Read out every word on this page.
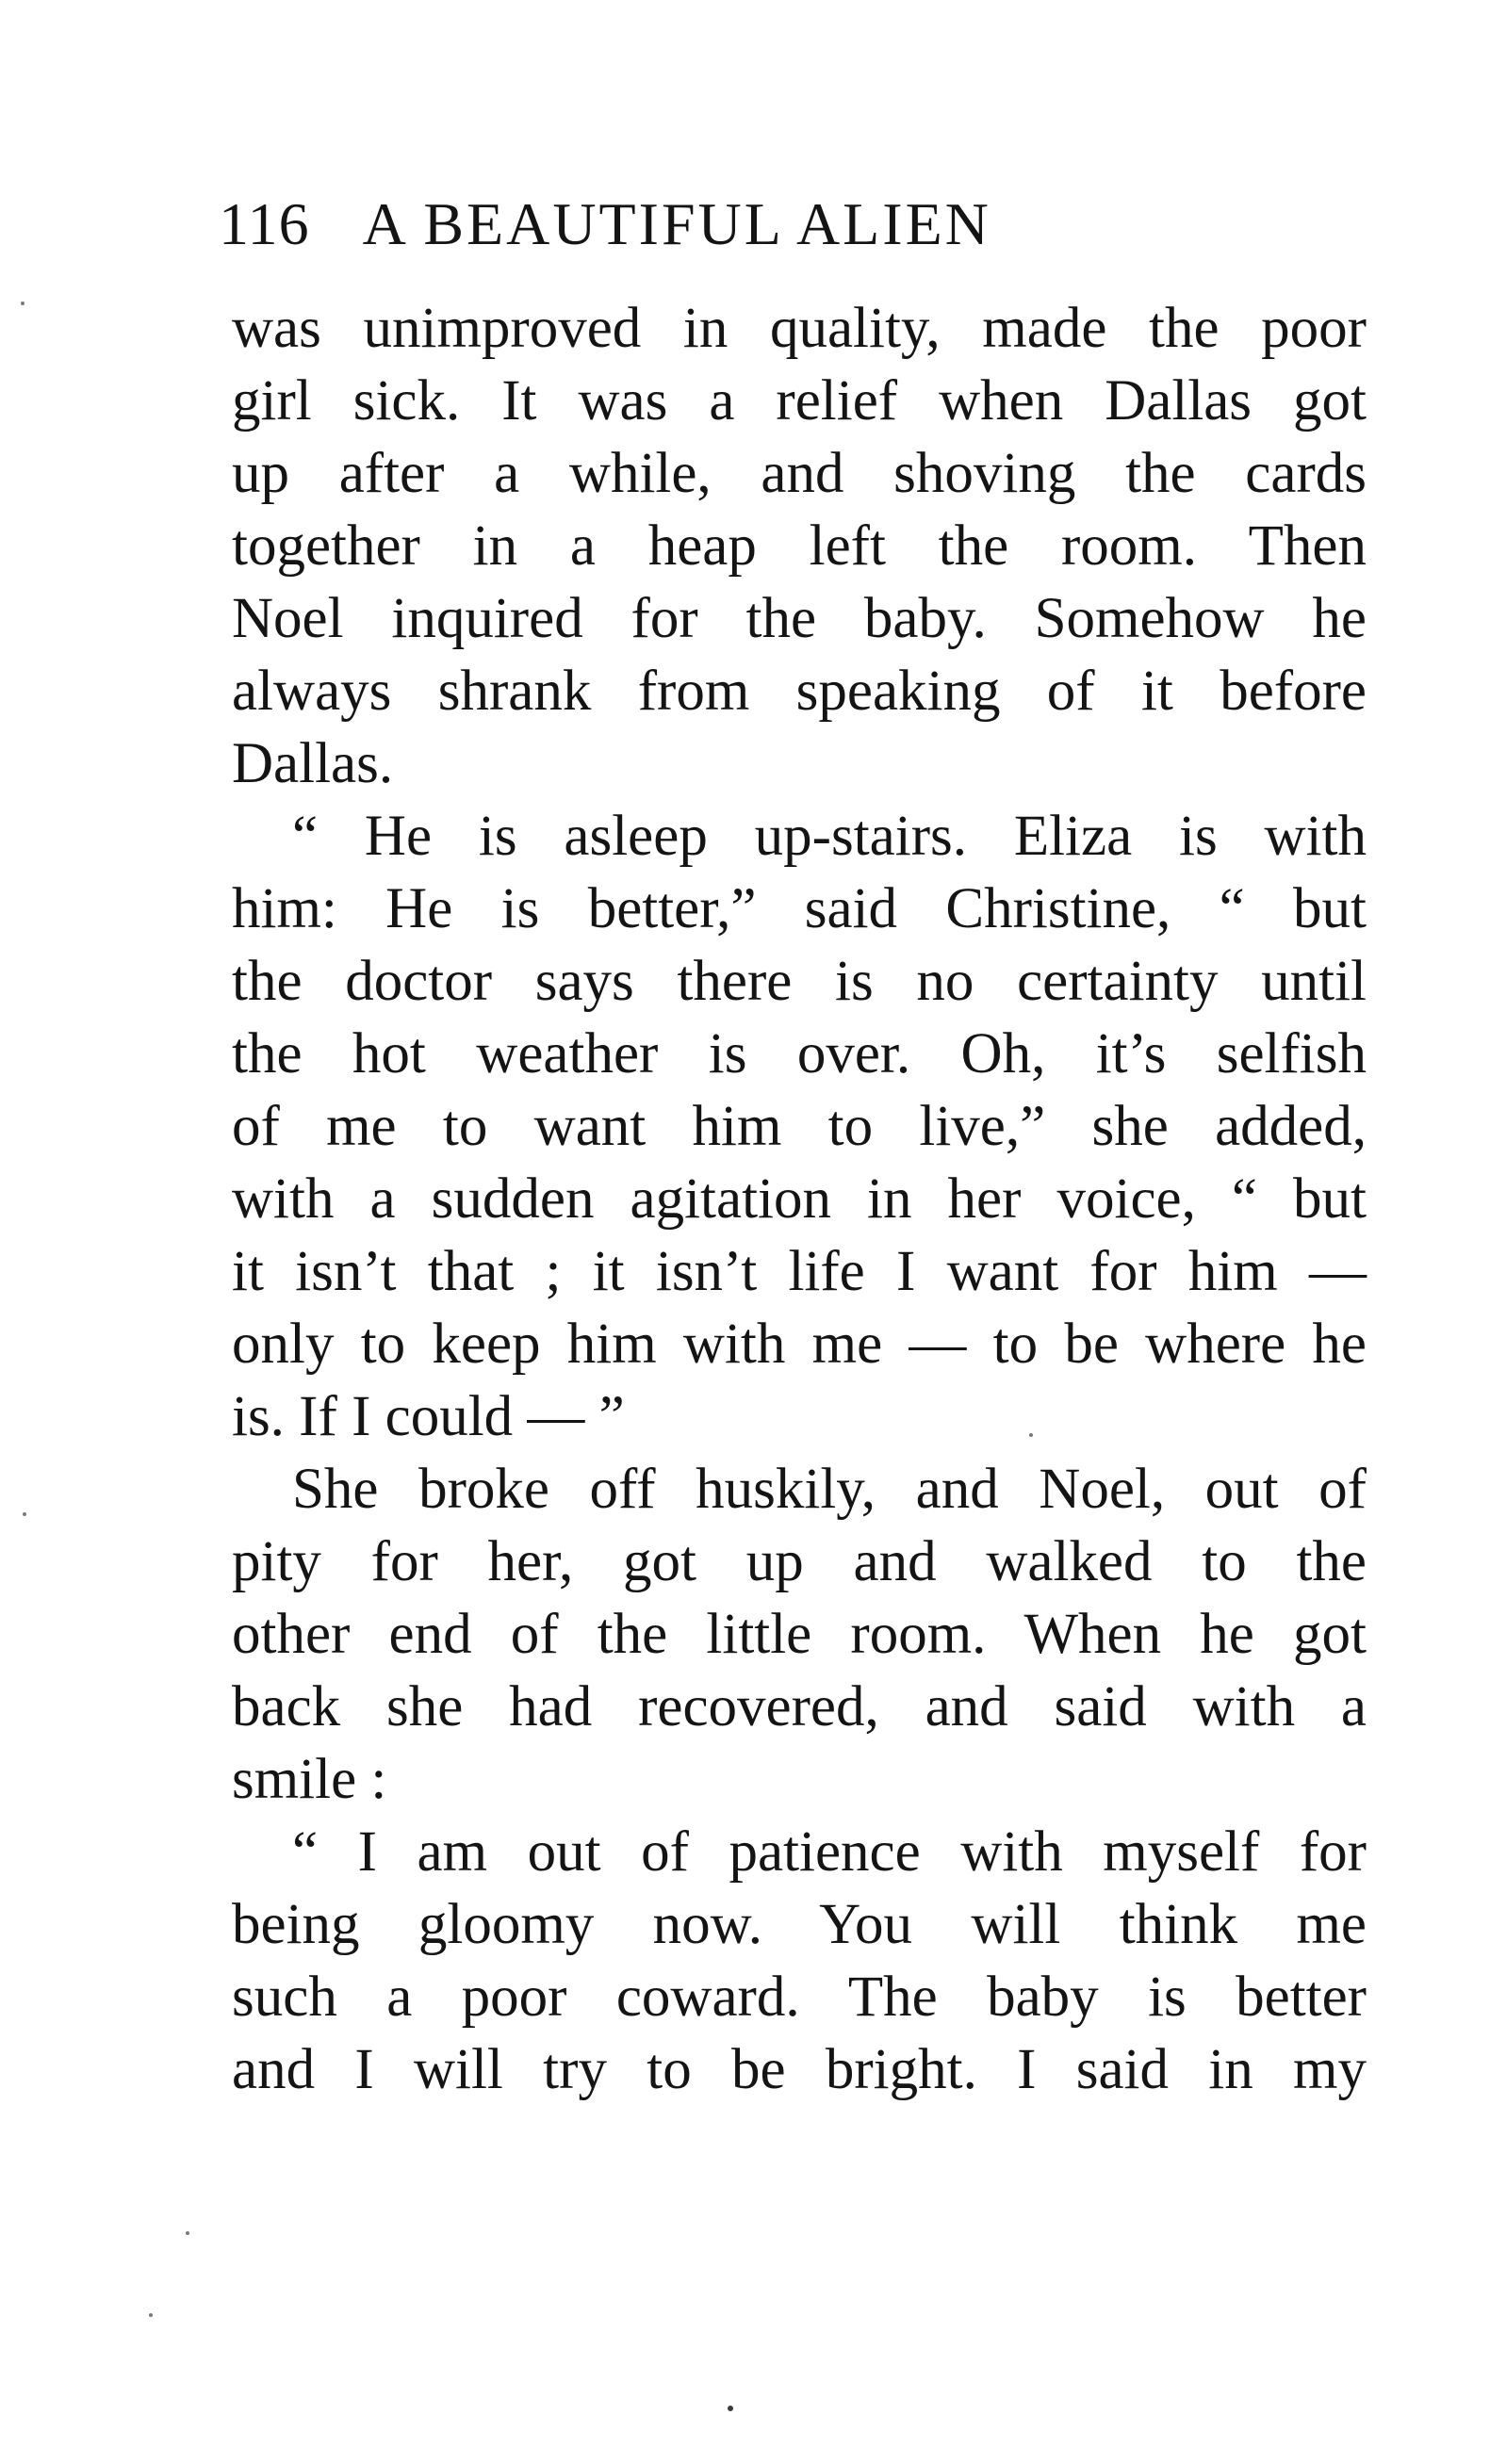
116 A BEAUTIFUL ALIEN
was unimproved in quality, made the poor
girl sick. It was a relief when Dallas got
up after a while, and shoving the cards
together in a heap left the room. Then
Noel inquired for the baby. Somehow he
always shrank from speaking of it before
Dallas.
“ He is asleep up-stairs. Eliza is with
him: He is better,” said Christine, “ but
the doctor says there is no certainty until
the hot weather is over. Oh, it’s selfish
of me to want him to live,” she added,
with a sudden agitation in her voice, “ but
it isn’t that ; it isn’t life I want for him —
only to keep him with me — to be where he
is. If I could — ”
She broke off huskily, and Noel, out of
pity for her, got up and walked to the
other end of the little room. When he got
back she had recovered, and said with a
smile :
“ I am out of patience with myself for
being gloomy now. You will think me
such a poor coward. The baby is better
and I will try to be bright. I said in my
